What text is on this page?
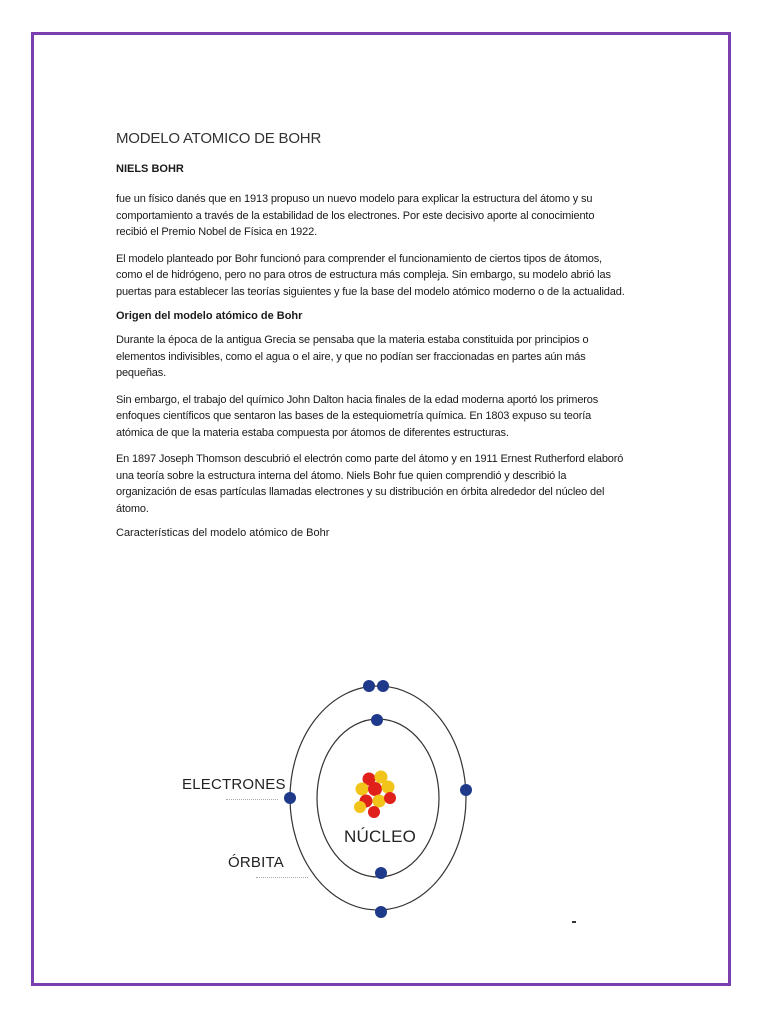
MODELO ATOMICO DE BOHR

NIELS BOHR

fue un físico danés que en 1913 propuso un nuevo modelo para explicar la estructura del átomo y su comportamiento a través de la estabilidad de los electrones. Por este decisivo aporte al conocimiento recibió el Premio Nobel de Física en 1922.

El modelo planteado por Bohr funcionó para comprender el funcionamiento de ciertos tipos de átomos, como el de hidrógeno, pero no para otros de estructura más compleja. Sin embargo, su modelo abrió las puertas para establecer las teorías siguientes y fue la base del modelo atómico moderno o de la actualidad.

Origen del modelo atómico de Bohr

Durante la época de la antigua Grecia se pensaba que la materia estaba constituida por principios o elementos indivisibles, como el agua o el aire, y que no podían ser fraccionadas en partes aún más pequeñas.

Sin embargo, el trabajo del químico John Dalton hacia finales de la edad moderna aportó los primeros enfoques científicos que sentaron las bases de la estequiometría química. En 1803 expuso su teoría atómica de que la materia estaba compuesta por átomos de diferentes estructuras.

En 1897 Joseph Thomson descubrió el electrón como parte del átomo y en 1911 Ernest Rutherford elaboró una teoría sobre la estructura interna del átomo. Niels Bohr fue quien comprendió y describió la organización de esas partículas llamadas electrones y su distribución en órbita alrededor del núcleo del átomo.

Características del modelo atómico de Bohr

ELECTRONES
NÚCLEO
ÓRBITA
